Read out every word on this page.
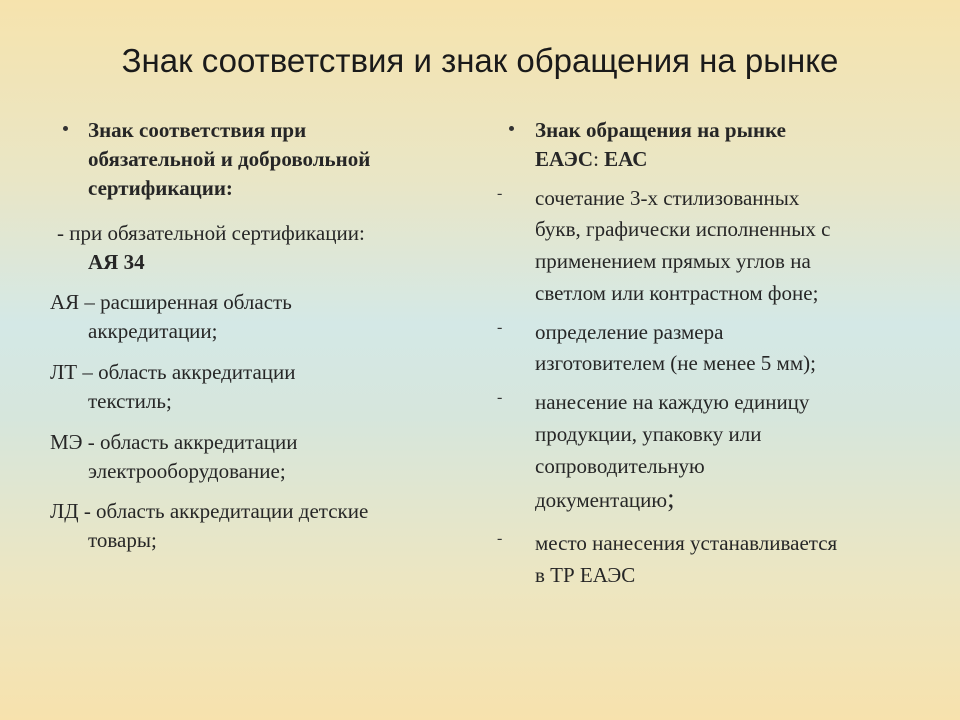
Знак соответствия и знак обращения на рынке
Знак соответствия при
обязательной и добровольной
сертификации:
- при обязательной сертификации:
АЯ 34
АЯ – расширенная область
аккредитации;
ЛТ – область аккредитации
текстиль;
МЭ - область аккредитации
электрооборудование;
ЛД - область аккредитации детские
товары;
Знак обращения на рынке
ЕАЭС: ЕАС
- сочетание 3-х стилизованных
букв, графически исполненных с
применением прямых углов на
светлом или контрастном фоне;
- определение размера
изготовителем (не менее 5 мм);
- нанесение на каждую единицу
продукции, упаковку или
сопроводительную
документацию;
- место нанесения устанавливается
в ТР ЕАЭС
